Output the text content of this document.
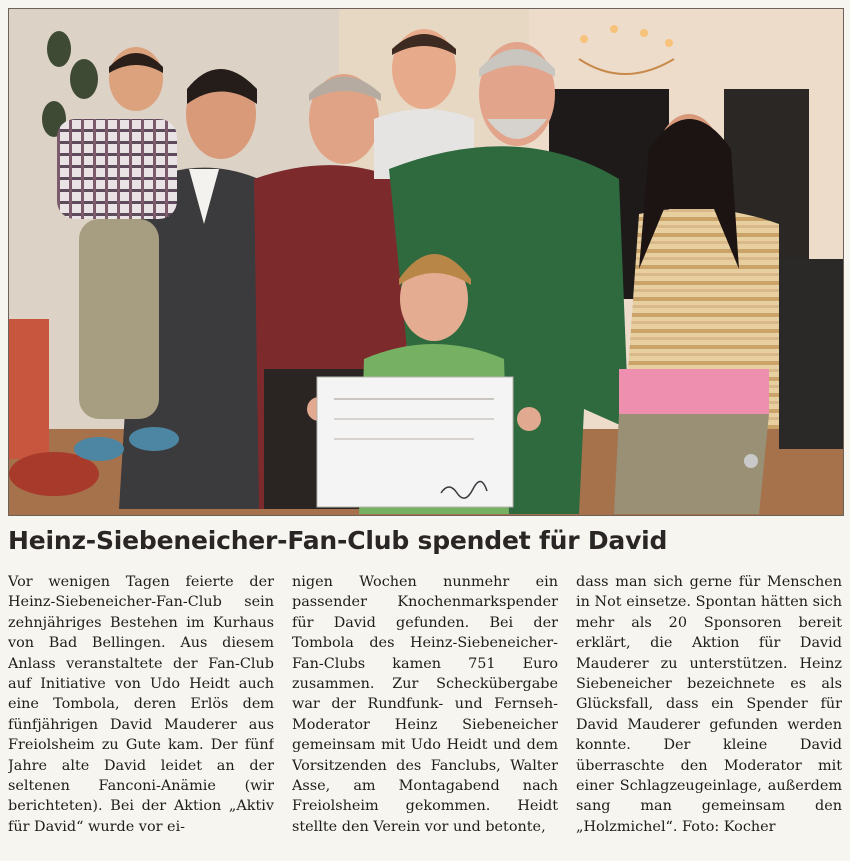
Heinz-Siebeneicher-Fan-Club spendet für David

Vor wenigen Tagen feierte der Heinz-Siebeneicher-Fan-Club sein zehnjähriges Bestehen im Kurhaus von Bad Bellingen. Aus diesem Anlass veranstaltete der Fan-Club auf Initiative von Udo Heidt auch eine Tombola, deren Erlös dem fünfjährigen David Mauderer aus Freiolsheim zu Gute kam. Der fünf Jahre alte David leidet an der seltenen Fanconi-Anämie (wir berichteten). Bei der Aktion „Aktiv für David“ wurde vor ei-

nigen Wochen nunmehr ein passender Knochenmarkspender für David gefunden. Bei der Tombola des Heinz-Siebeneicher-Fan-Clubs kamen 751 Euro zusammen. Zur Scheckübergabe war der Rundfunk- und Fernseh-Moderator Heinz Siebeneicher gemeinsam mit Udo Heidt und dem Vorsitzenden des Fanclubs, Walter Asse, am Montagabend nach Freiolsheim gekommen. Heidt stellte den Verein vor und betonte,

dass man sich gerne für Menschen in Not einsetze. Spontan hätten sich mehr als 20 Sponsoren bereit erklärt, die Aktion für David Mauderer zu unterstützen. Heinz Siebeneicher bezeichnete es als Glücksfall, dass ein Spender für David Mauderer gefunden werden konnte. Der kleine David überraschte den Moderator mit einer Schlagzeugeinlage, außerdem sang man gemeinsam den „Holzmichel“. Foto: Kocher
